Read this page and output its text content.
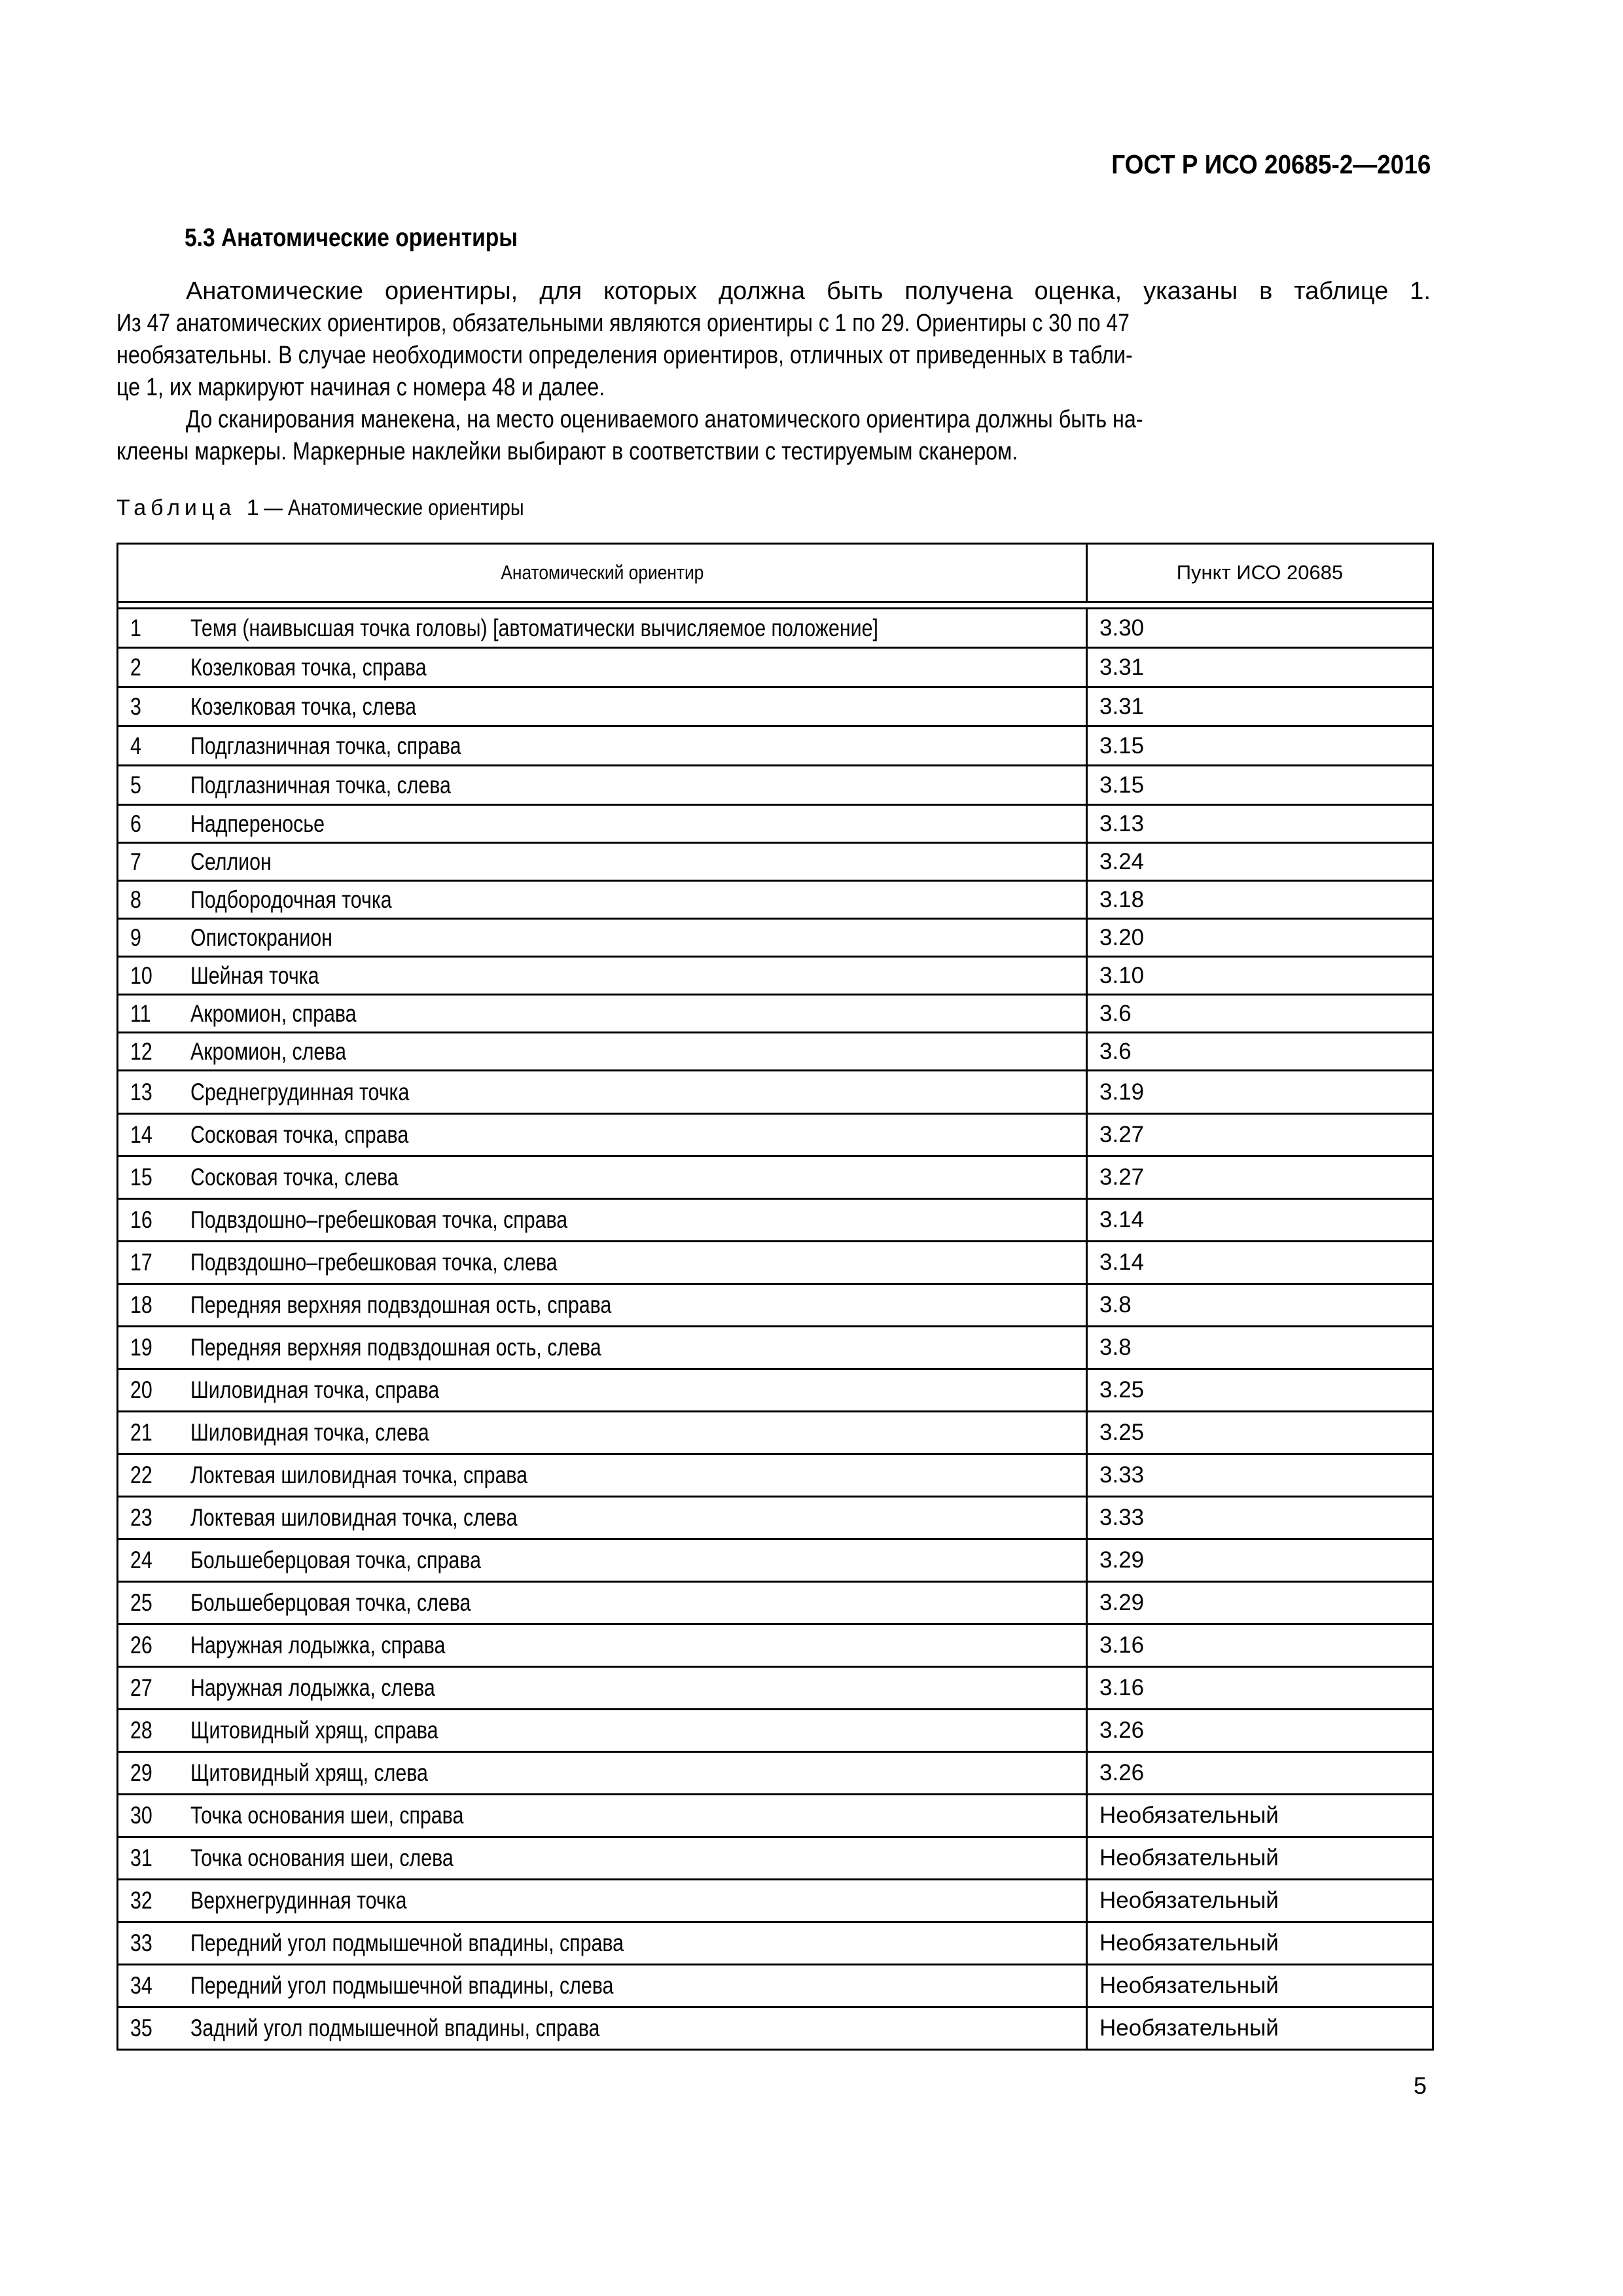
ГОСТ Р ИСО 20685-2—2016
5.3 Анатомические ориентиры
Анатомические ориентиры, для которых должна быть получена оценка, указаны в таблице 1.
Из 47 анатомических ориентиров, обязательными являются ориентиры с 1 по 29. Ориентиры с 30 по 47
необязательны. В случае необходимости определения ориентиров, отличных от приведенных в табли-
це 1, их маркируют начиная с номера 48 и далее.
До сканирования манекена, на место оцениваемого анатомического ориентира должны быть на-
клеены маркеры. Маркерные наклейки выбирают в соответствии с тестируемым сканером.
Таблица 1— Анатомические ориентиры
Анатомический ориентир	Пункт ИСО 20685

1 Темя (наивысшая точка головы) [автоматически вычисляемое положение]	3.30

2 Козелковая точка, справа	3.31

3 Козелковая точка, слева	3.31

4 Подглазничная точка, справа	3.15

5 Подглазничная точка, слева	3.15

6 Надпереносье	3.13

7 Селлион	3.24

8 Подбородочная точка	3.18

9 Опистокранион	3.20

10 Шейная точка	3.10

11 Акромион, справа	3.6

12 Акромион, слева	3.6

13 Среднегрудинная точка	3.19

14 Сосковая точка, справа	3.27

15 Сосковая точка, слева	3.27

16 Подвздошно–гребешковая точка, справа	3.14

17 Подвздошно–гребешковая точка, слева	3.14

18 Передняя верхняя подвздошная ость, справа	3.8

19 Передняя верхняя подвздошная ость, слева	3.8

20 Шиловидная точка, справа	3.25

21 Шиловидная точка, слева	3.25

22 Локтевая шиловидная точка, справа	3.33

23 Локтевая шиловидная точка, слева	3.33

24 Большеберцовая точка, справа	3.29

25 Большеберцовая точка, слева	3.29

26 Наружная лодыжка, справа	3.16

27 Наружная лодыжка, слева	3.16

28 Щитовидный хрящ, справа	3.26

29 Щитовидный хрящ, слева	3.26

30 Точка основания шеи, справа	Необязательный

31 Точка основания шеи, слева	Необязательный

32 Верхнегрудинная точка	Необязательный

33 Передний угол подмышечной впадины, справа	Необязательный

34 Передний угол подмышечной впадины, слева	Необязательный

35 Задний угол подмышечной впадины, справа	Необязательный
5
